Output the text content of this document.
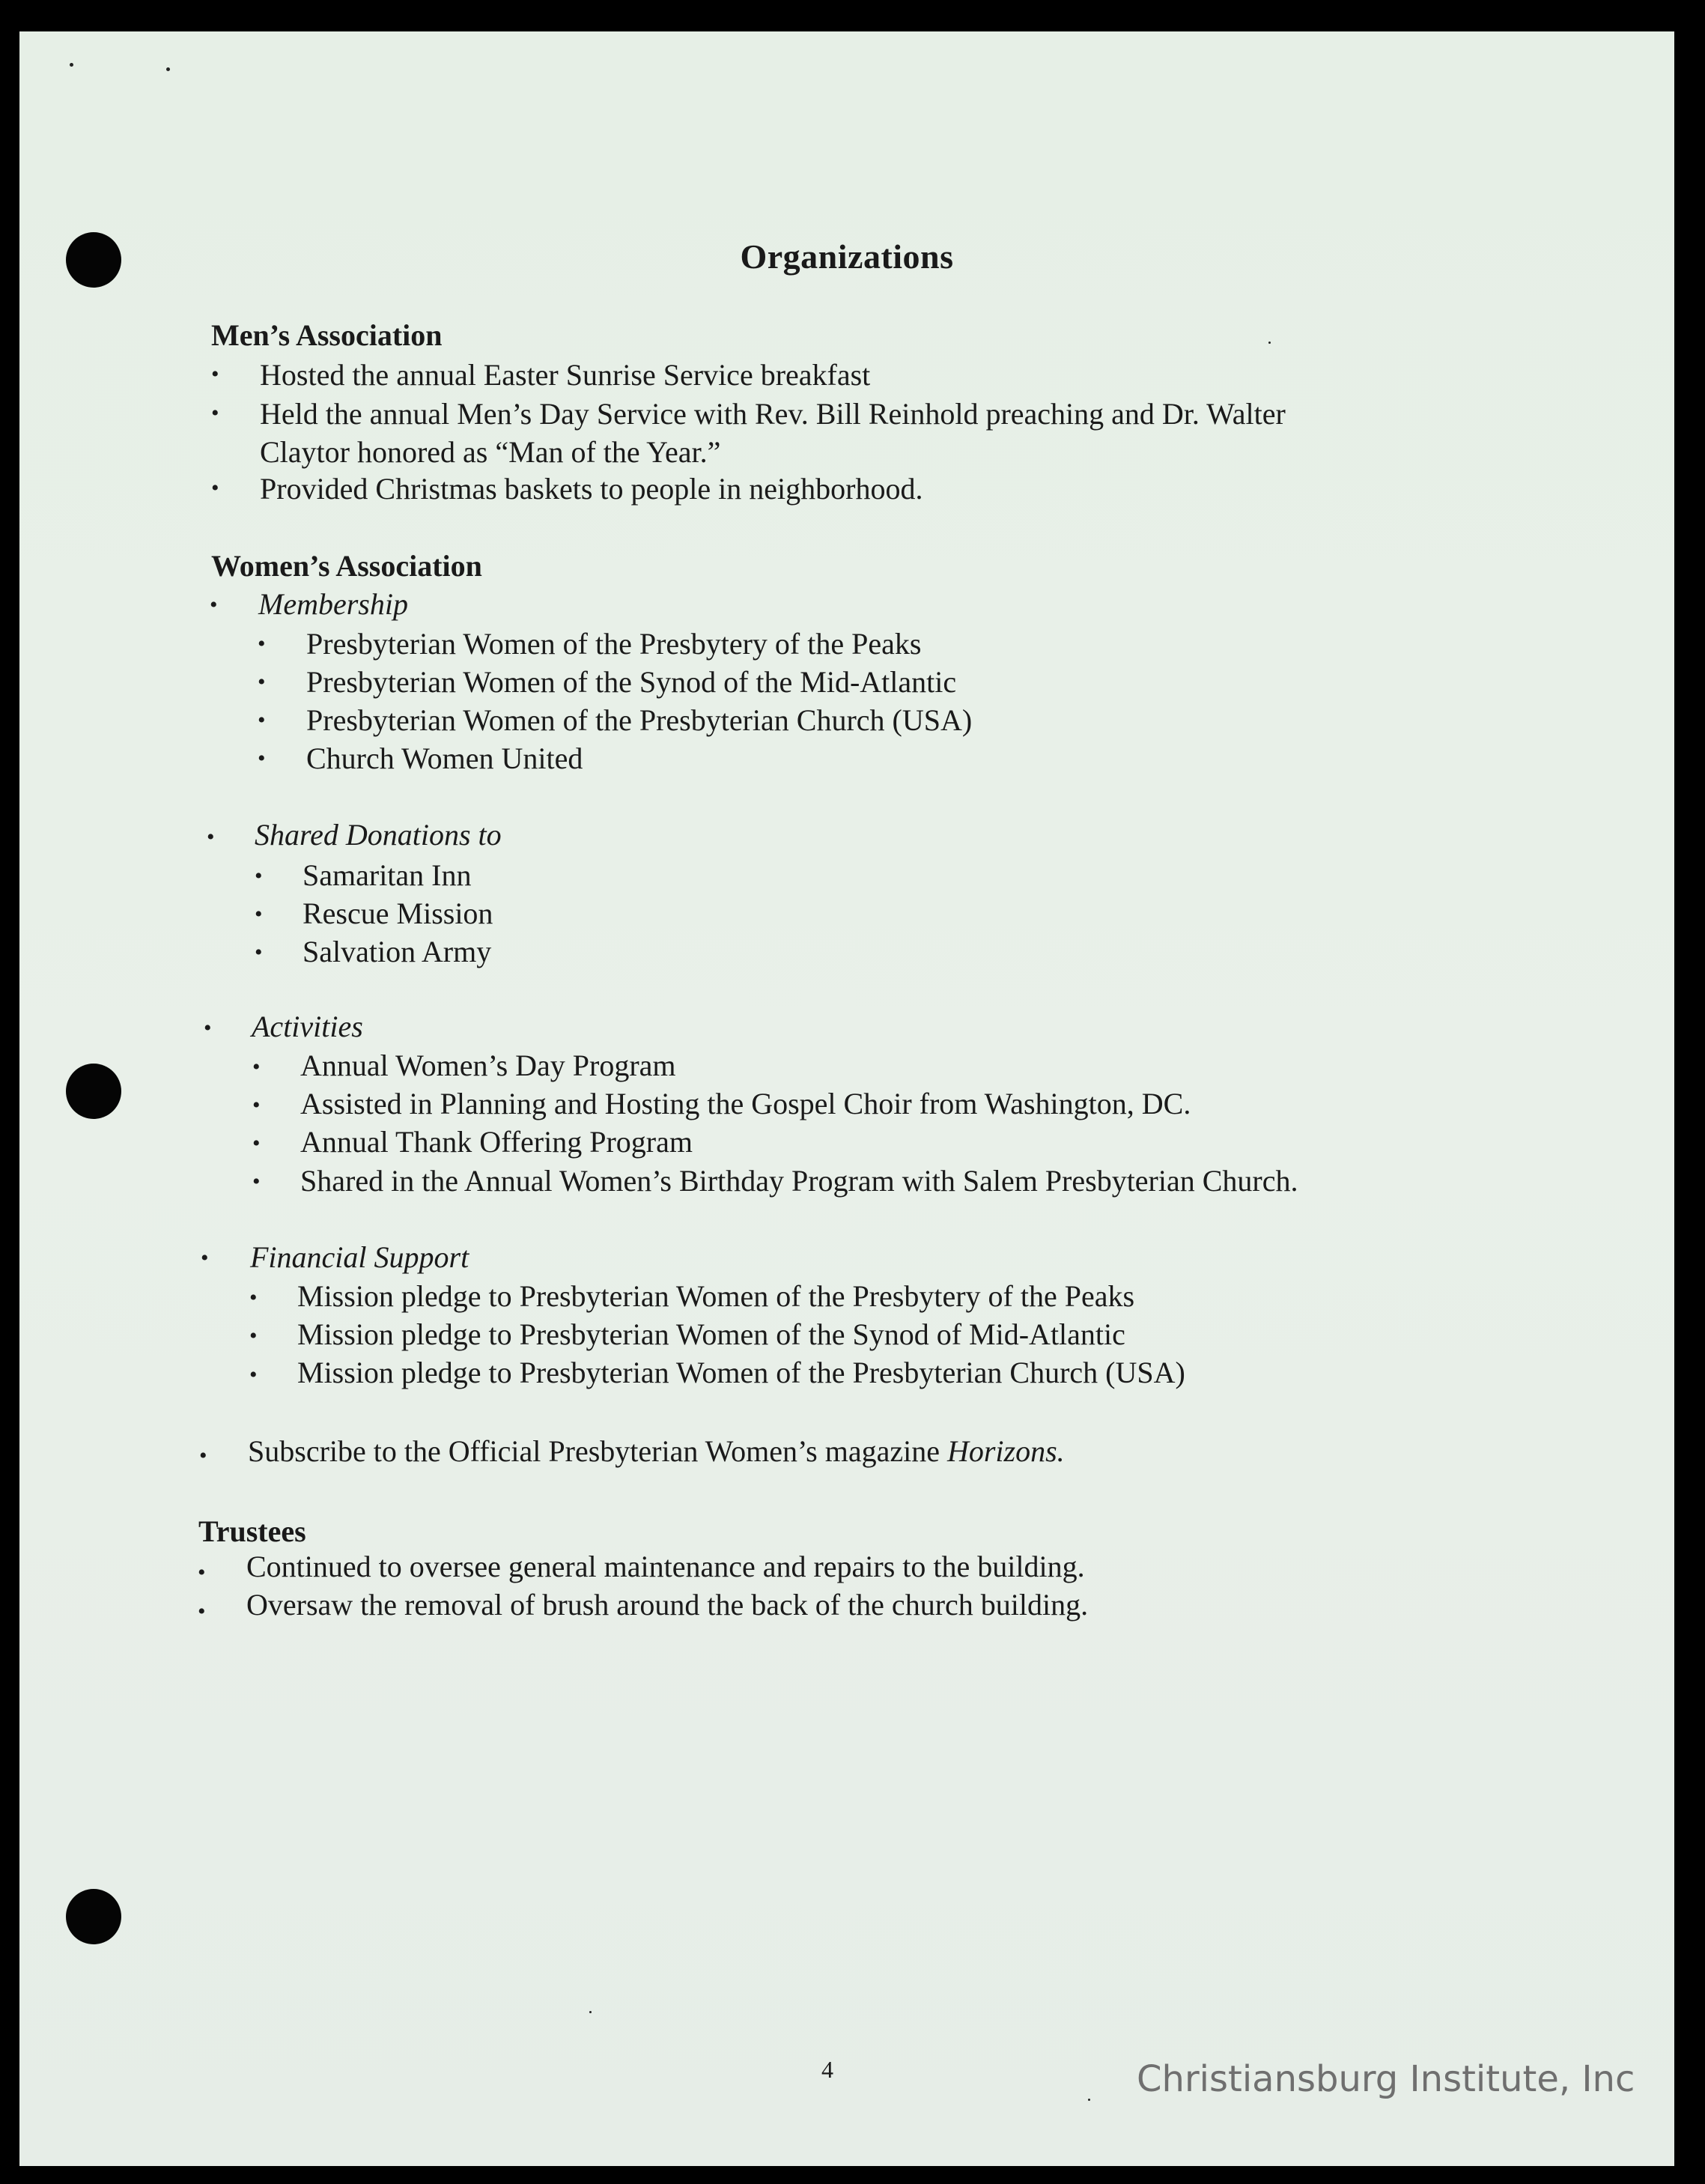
Organizations
Men’s Association
• Hosted the annual Easter Sunrise Service breakfast
• Held the annual Men’s Day Service with Rev. Bill Reinhold preaching and Dr. Walter
Claytor honored as “Man of the Year.”
• Provided Christmas baskets to people in neighborhood.
Women’s Association
• Membership
• Presbyterian Women of the Presbytery of the Peaks
• Presbyterian Women of the Synod of the Mid-Atlantic
• Presbyterian Women of the Presbyterian Church (USA)
• Church Women United
• Shared Donations to
• Samaritan Inn
• Rescue Mission
• Salvation Army
• Activities
• Annual Women’s Day Program
• Assisted in Planning and Hosting the Gospel Choir from Washington, DC.
• Annual Thank Offering Program
• Shared in the Annual Women’s Birthday Program with Salem Presbyterian Church.
• Financial Support
• Mission pledge to Presbyterian Women of the Presbytery of the Peaks
• Mission pledge to Presbyterian Women of the Synod of Mid-Atlantic
• Mission pledge to Presbyterian Women of the Presbyterian Church (USA)
• Subscribe to the Official Presbyterian Women’s magazine Horizons.
Trustees
• Continued to oversee general maintenance and repairs to the building.
• Oversaw the removal of brush around the back of the church building.
4	Christiansburg Institute, Inc
